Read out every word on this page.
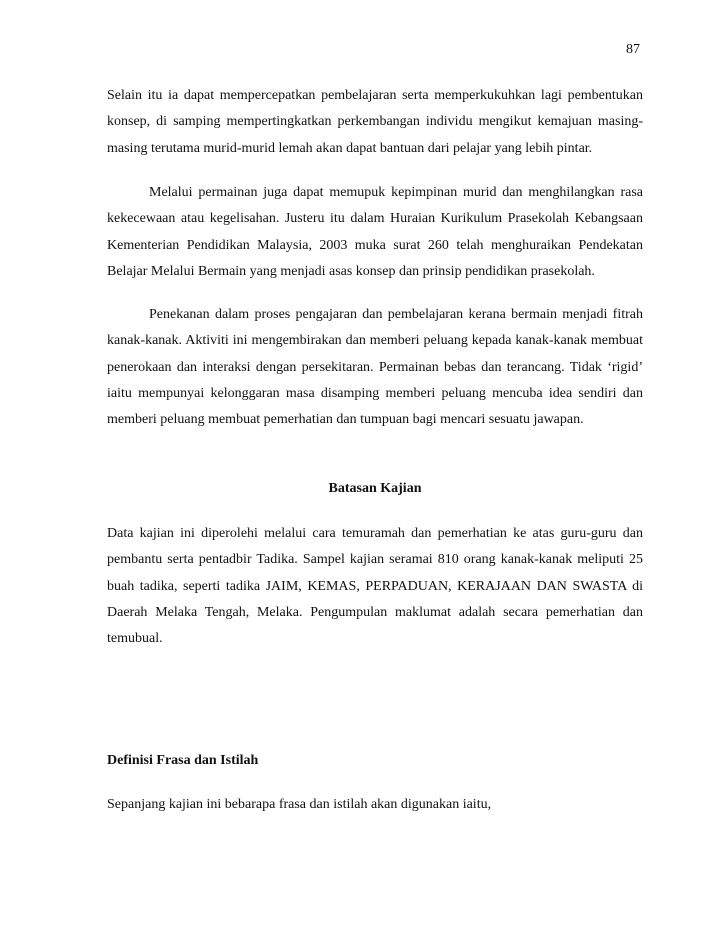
87

Selain itu ia dapat mempercepatkan pembelajaran serta memperkukuhkan lagi pembentukan konsep, di samping mempertingkatkan perkembangan individu mengikut kemajuan masing-masing terutama murid-murid lemah akan dapat bantuan dari pelajar yang lebih pintar.

Melalui permainan juga dapat memupuk kepimpinan murid dan menghilangkan rasa kekecewaan atau kegelisahan. Justeru itu dalam Huraian Kurikulum Prasekolah Kebangsaan Kementerian Pendidikan Malaysia, 2003 muka surat 260 telah menghuraikan Pendekatan Belajar Melalui Bermain yang menjadi asas konsep dan prinsip pendidikan prasekolah.

Penekanan dalam proses pengajaran dan pembelajaran kerana bermain menjadi fitrah kanak-kanak. Aktiviti ini mengembirakan dan memberi peluang kepada kanak-kanak membuat penerokaan dan interaksi dengan persekitaran. Permainan bebas dan terancang. Tidak ‘rigid’ iaitu mempunyai kelonggaran masa disamping memberi peluang mencuba idea sendiri dan memberi peluang membuat pemerhatian dan tumpuan bagi mencari sesuatu jawapan.

Batasan Kajian

Data kajian ini diperolehi melalui cara temuramah dan pemerhatian ke atas guru-guru dan pembantu serta pentadbir Tadika. Sampel kajian seramai 810 orang kanak-kanak meliputi 25 buah tadika, seperti tadika JAIM, KEMAS, PERPADUAN, KERAJAAN DAN SWASTA di Daerah Melaka Tengah, Melaka. Pengumpulan maklumat adalah secara pemerhatian dan temubual.

Definisi Frasa dan Istilah

Sepanjang kajian ini bebarapa frasa dan istilah akan digunakan iaitu,
